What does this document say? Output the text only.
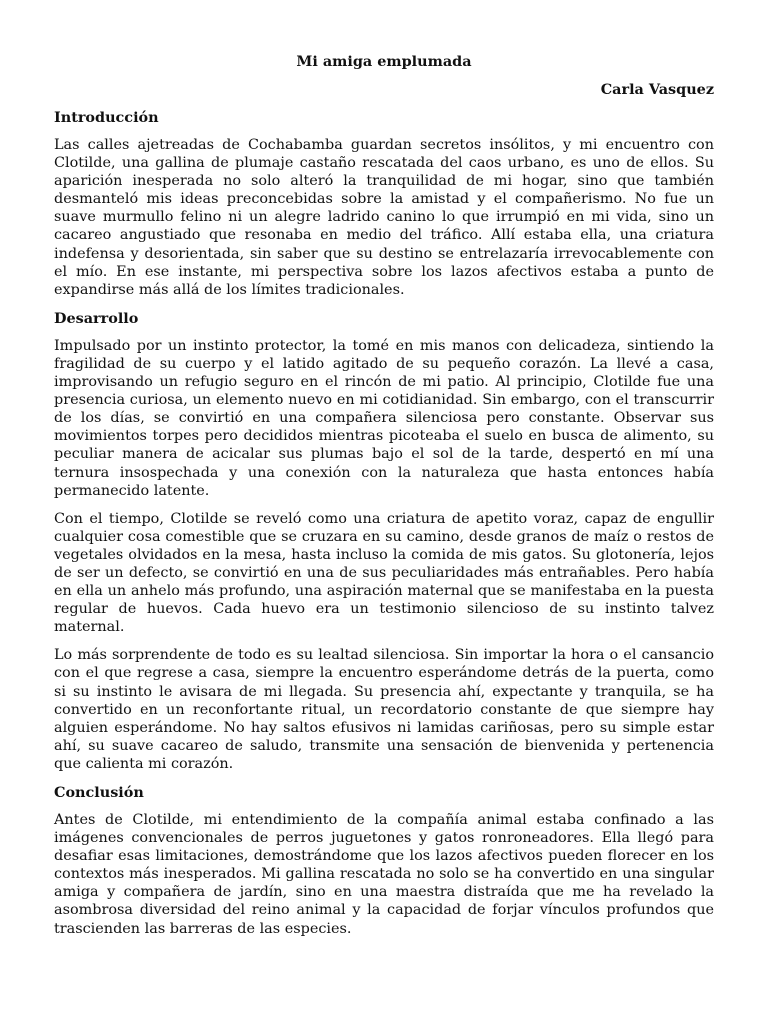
Mi amiga emplumada
Carla Vasquez
Introducción

Las calles ajetreadas de Cochabamba guardan secretos insólitos, y mi encuentro con Clotilde, una gallina de plumaje castaño rescatada del caos urbano, es uno de ellos. Su aparición inesperada no solo alteró la tranquilidad de mi hogar, sino que también desmanteló mis ideas preconcebidas sobre la amistad y el compañerismo. No fue un suave murmullo felino ni un alegre ladrido canino lo que irrumpió en mi vida, sino un cacareo angustiado que resonaba en medio del tráfico. Allí estaba ella, una criatura indefensa y desorientada, sin saber que su destino se entrelazaría irrevocablemente con el mío. En ese instante, mi perspectiva sobre los lazos afectivos estaba a punto de expandirse más allá de los límites tradicionales.

Desarrollo

Impulsado por un instinto protector, la tomé en mis manos con delicadeza, sintiendo la fragilidad de su cuerpo y el latido agitado de su pequeño corazón. La llevé a casa, improvisando un refugio seguro en el rincón de mi patio. Al principio, Clotilde fue una presencia curiosa, un elemento nuevo en mi cotidianidad. Sin embargo, con el transcurrir de los días, se convirtió en una compañera silenciosa pero constante. Observar sus movimientos torpes pero decididos mientras picoteaba el suelo en busca de alimento, su peculiar manera de acicalar sus plumas bajo el sol de la tarde, despertó en mí una ternura insospechada y una conexión con la naturaleza que hasta entonces había permanecido latente.

Con el tiempo, Clotilde se reveló como una criatura de apetito voraz, capaz de engullir cualquier cosa comestible que se cruzara en su camino, desde granos de maíz o restos de vegetales olvidados en la mesa, hasta incluso la comida de mis gatos. Su glotonería, lejos de ser un defecto, se convirtió en una de sus peculiaridades más entrañables. Pero había en ella un anhelo más profundo, una aspiración maternal que se manifestaba en la puesta regular de huevos. Cada huevo era un testimonio silencioso de su instinto talvez maternal.

Lo más sorprendente de todo es su lealtad silenciosa. Sin importar la hora o el cansancio con el que regrese a casa, siempre la encuentro esperándome detrás de la puerta, como si su instinto le avisara de mi llegada. Su presencia ahí, expectante y tranquila, se ha convertido en un reconfortante ritual, un recordatorio constante de que siempre hay alguien esperándome. No hay saltos efusivos ni lamidas cariñosas, pero su simple estar ahí, su suave cacareo de saludo, transmite una sensación de bienvenida y pertenencia que calienta mi corazón.

Conclusión

Antes de Clotilde, mi entendimiento de la compañía animal estaba confinado a las imágenes convencionales de perros juguetones y gatos ronroneadores. Ella llegó para desafiar esas limitaciones, demostrándome que los lazos afectivos pueden florecer en los contextos más inesperados. Mi gallina rescatada no solo se ha convertido en una singular amiga y compañera de jardín, sino en una maestra distraída que me ha revelado la asombrosa diversidad del reino animal y la capacidad de forjar vínculos profundos que trascienden las barreras de las especies.
